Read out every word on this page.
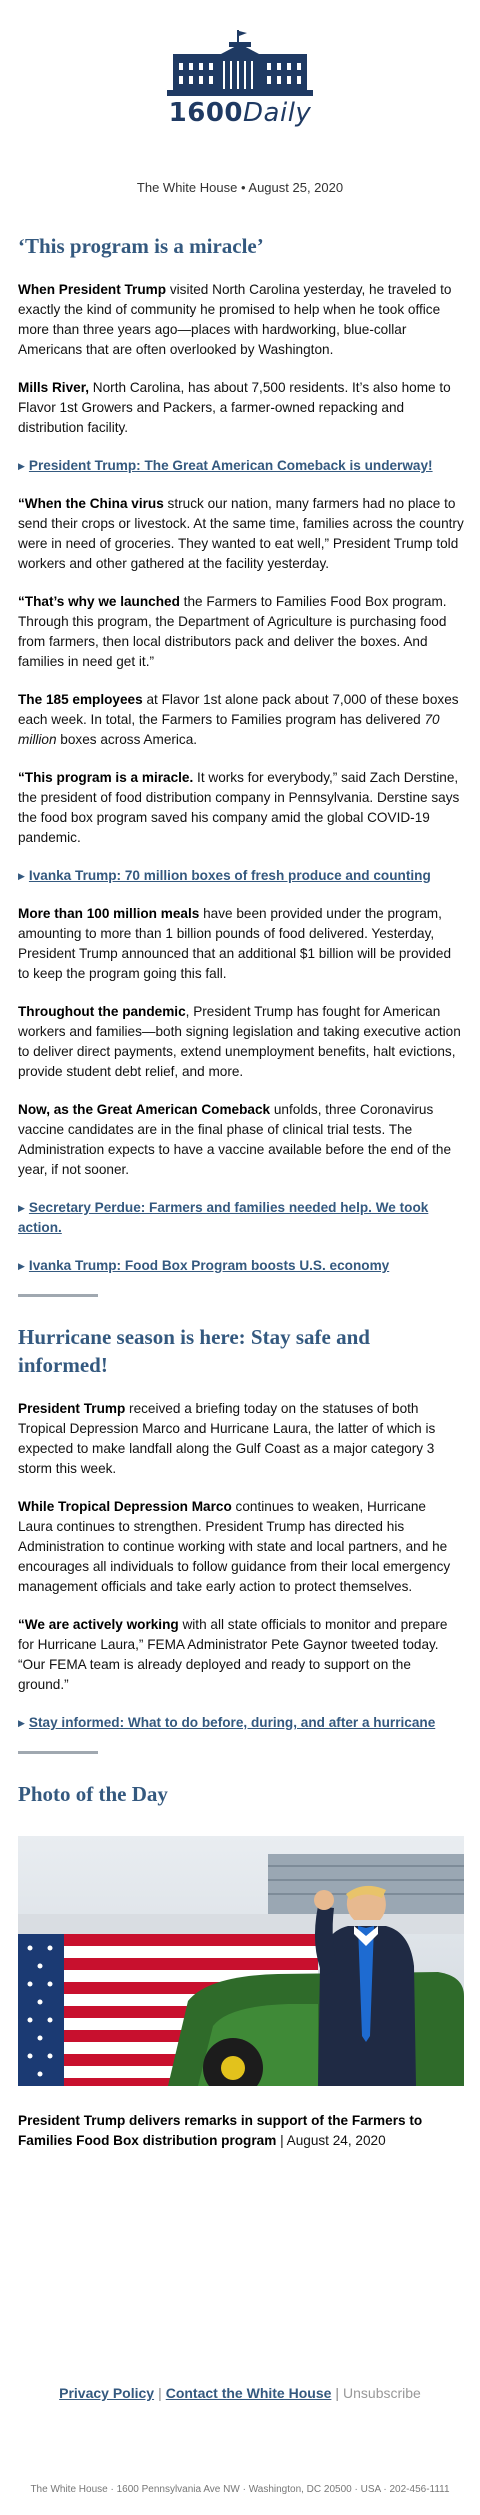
1600Daily
The White House • August 25, 2020
‘This program is a miracle’

When President Trump visited North Carolina yesterday, he traveled to exactly the kind of community he promised to help when he took office more than three years ago—places with hardworking, blue-collar Americans that are often overlooked by Washington.

Mills River, North Carolina, has about 7,500 residents. It’s also home to Flavor 1st Growers and Packers, a farmer-owned repacking and distribution facility.

▶ President Trump: The Great American Comeback is underway!

“When the China virus struck our nation, many farmers had no place to send their crops or livestock. At the same time, families across the country were in need of groceries. They wanted to eat well,” President Trump told workers and other gathered at the facility yesterday.

“That’s why we launched the Farmers to Families Food Box program. Through this program, the Department of Agriculture is purchasing food from farmers, then local distributors pack and deliver the boxes. And families in need get it.”

The 185 employees at Flavor 1st alone pack about 7,000 of these boxes each week. In total, the Farmers to Families program has delivered 70 million boxes across America.

“This program is a miracle. It works for everybody,” said Zach Derstine, the president of food distribution company in Pennsylvania. Derstine says the food box program saved his company amid the global COVID-19 pandemic.

▶ Ivanka Trump: 70 million boxes of fresh produce and counting

More than 100 million meals have been provided under the program, amounting to more than 1 billion pounds of food delivered. Yesterday, President Trump announced that an additional $1 billion will be provided to keep the program going this fall.

Throughout the pandemic, President Trump has fought for American workers and families—both signing legislation and taking executive action to deliver direct payments, extend unemployment benefits, halt evictions, provide student debt relief, and more.

Now, as the Great American Comeback unfolds, three Coronavirus vaccine candidates are in the final phase of clinical trial tests. The Administration expects to have a vaccine available before the end of the year, if not sooner.

▶ Secretary Perdue: Farmers and families needed help. We took action.
▶ Ivanka Trump: Food Box Program boosts U.S. economy
Hurricane season is here: Stay safe and informed!

President Trump received a briefing today on the statuses of both Tropical Depression Marco and Hurricane Laura, the latter of which is expected to make landfall along the Gulf Coast as a major category 3 storm this week.

While Tropical Depression Marco continues to weaken, Hurricane Laura continues to strengthen. President Trump has directed his Administration to continue working with state and local partners, and he encourages all individuals to follow guidance from their local emergency management officials and take early action to protect themselves.

“We are actively working with all state officials to monitor and prepare for Hurricane Laura,” FEMA Administrator Pete Gaynor tweeted today. “Our FEMA team is already deployed and ready to support on the ground.”

▶ Stay informed: What to do before, during, and after a hurricane
Photo of the Day

President Trump delivers remarks in support of the Farmers to Families Food Box distribution program | August 24, 2020

Privacy Policy | Contact the White House | Unsubscribe
The White House · 1600 Pennsylvania Ave NW · Washington, DC 20500 · USA · 202-456-1111
